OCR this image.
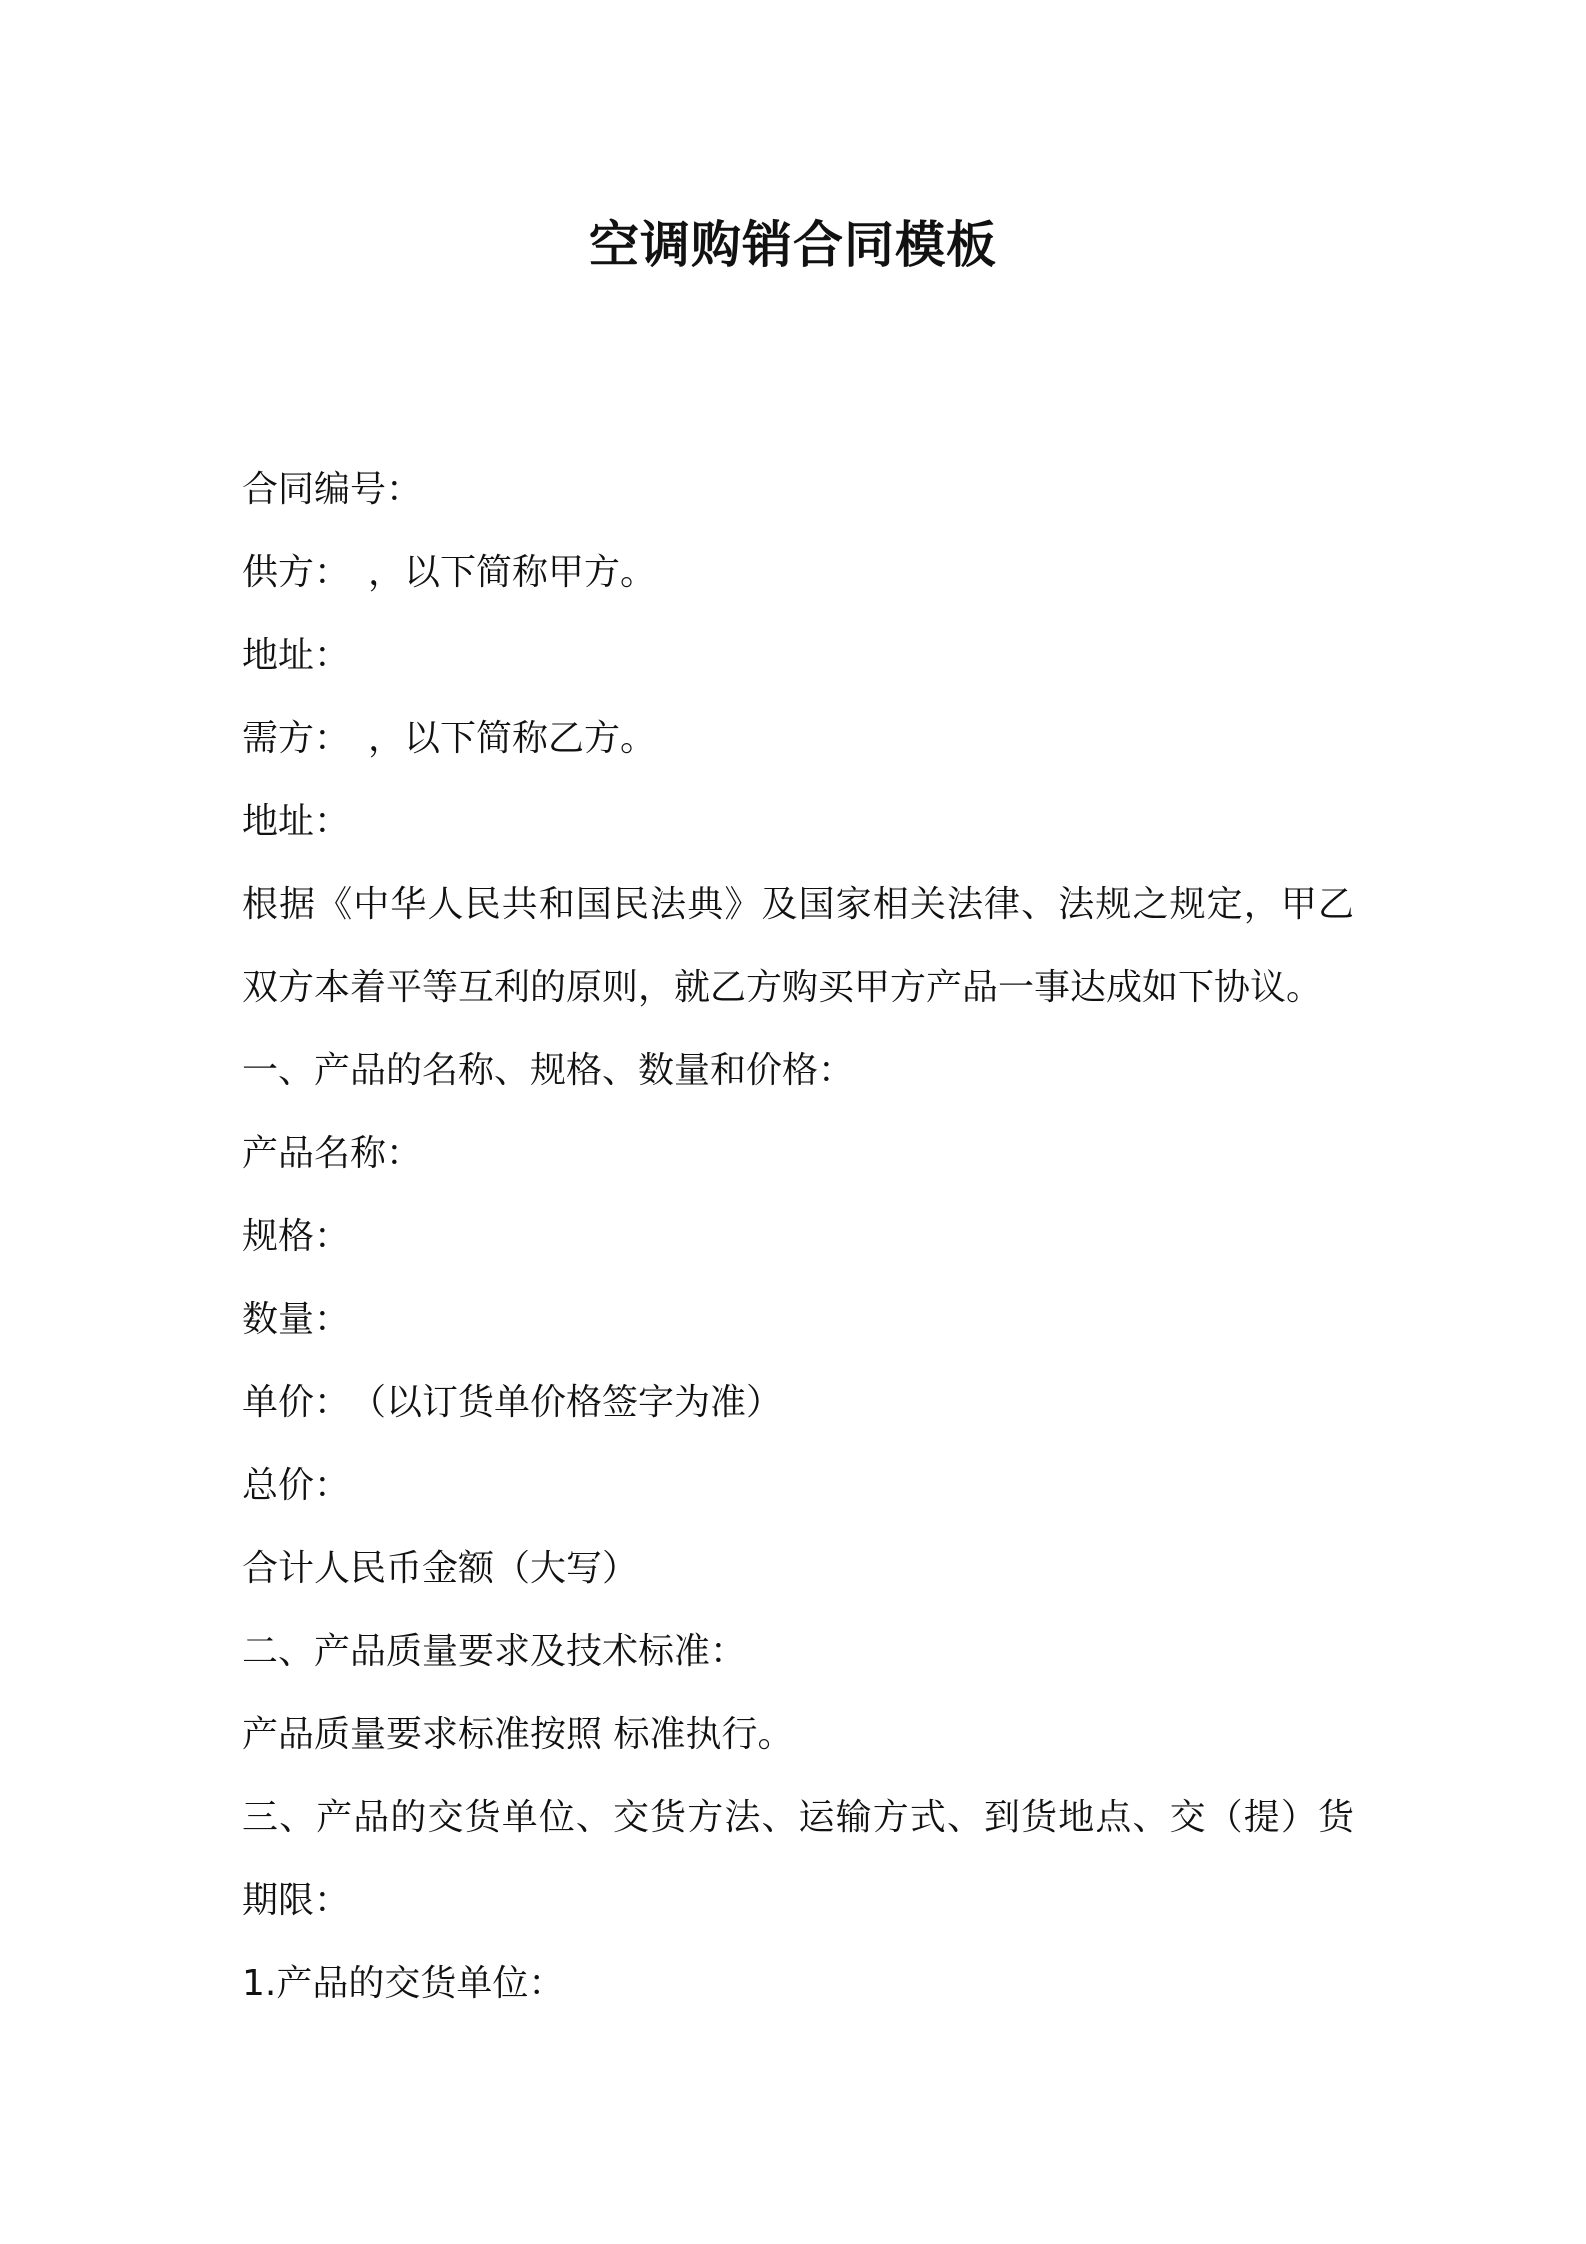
空调购销合同模板
合同编号：
供方：　，以下简称甲方。
地址：
需方：　，以下简称乙方。
地址：
根据《中华人民共和国民法典》及国家相关法律、法规之规定，甲乙双方本着平等互利的原则，就乙方购买甲方产品一事达成如下协议。
一、产品的名称、规格、数量和价格：
产品名称：
规格：
数量：
单价：　（以订货单价格签字为准）
总价：
合计人民币金额（大写）
二、产品质量要求及技术标准：
产品质量要求标准按照 标准执行。
三、产品的交货单位、交货方法、运输方式、到货地点、交（提）货期限：
1.产品的交货单位：
